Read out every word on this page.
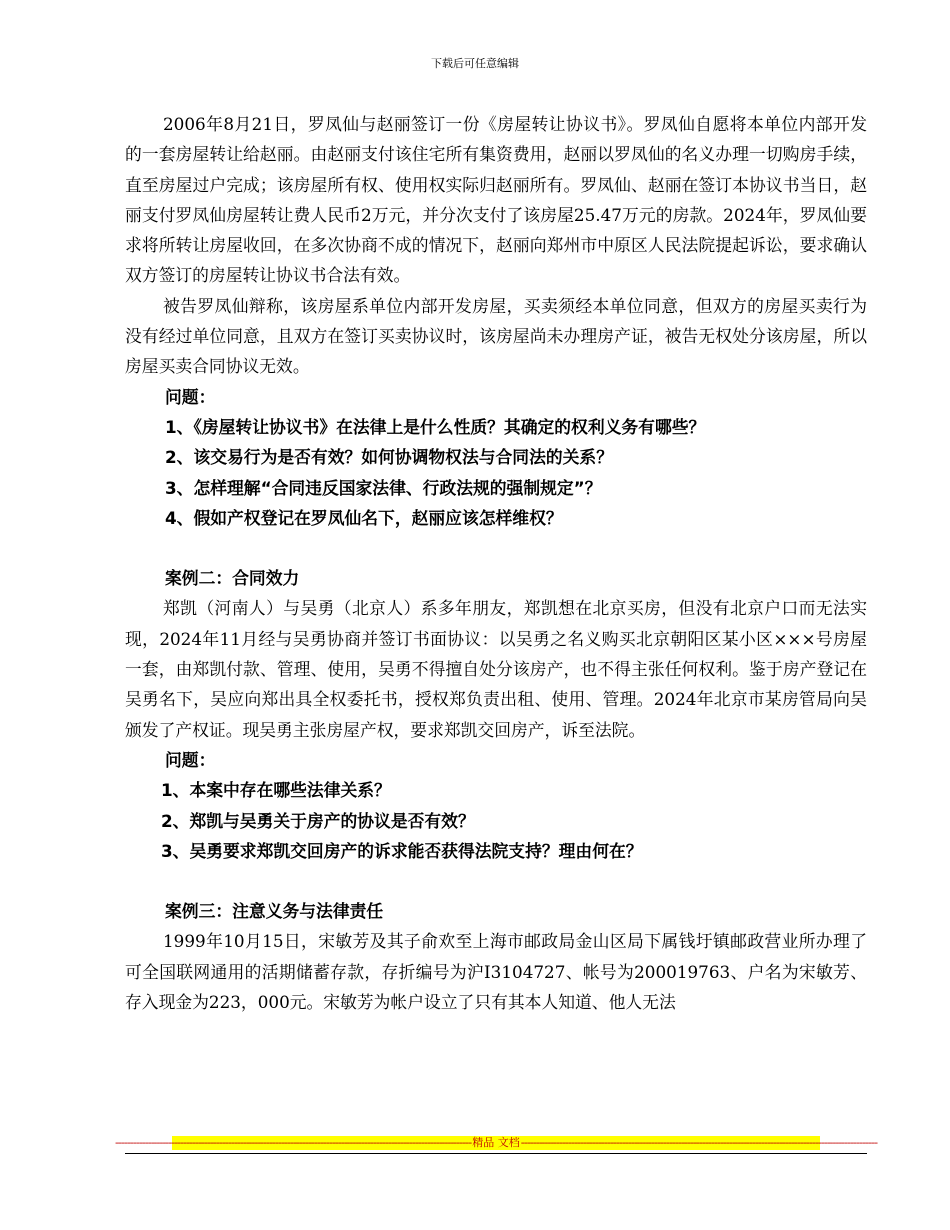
下载后可任意编辑

2006年8月21日，罗凤仙与赵丽签订一份《房屋转让协议书》。罗凤仙自愿将本单位内部开发的一套房屋转让给赵丽。由赵丽支付该住宅所有集资费用，赵丽以罗凤仙的名义办理一切购房手续，直至房屋过户完成；该房屋所有权、使用权实际归赵丽所有。罗凤仙、赵丽在签订本协议书当日，赵丽支付罗凤仙房屋转让费人民币2万元，并分次支付了该房屋25.47万元的房款。2024年，罗凤仙要求将所转让房屋收回，在多次协商不成的情况下，赵丽向郑州市中原区人民法院提起诉讼，要求确认双方签订的房屋转让协议书合法有效。

被告罗凤仙辩称，该房屋系单位内部开发房屋，买卖须经本单位同意，但双方的房屋买卖行为没有经过单位同意，且双方在签订买卖协议时，该房屋尚未办理房产证，被告无权处分该房屋，所以房屋买卖合同协议无效。

问题：

1、《房屋转让协议书》在法律上是什么性质？其确定的权利义务有哪些？

2、该交易行为是否有效？如何协调物权法与合同法的关系？

3、怎样理解“合同违反国家法律、行政法规的强制规定”？

4、假如产权登记在罗凤仙名下，赵丽应该怎样维权？

案例二：合同效力

郑凯（河南人）与吴勇（北京人）系多年朋友，郑凯想在北京买房，但没有北京户口而无法实现，2024年11月经与吴勇协商并签订书面协议：以吴勇之名义购买北京朝阳区某小区×××号房屋一套，由郑凯付款、管理、使用，吴勇不得擅自处分该房产，也不得主张任何权利。鉴于房产登记在吴勇名下，吴应向郑出具全权委托书，授权郑负责出租、使用、管理。2024年北京市某房管局向吴颁发了产权证。现吴勇主张房屋产权，要求郑凯交回房产，诉至法院。

问题：

1、本案中存在哪些法律关系？

2、郑凯与吴勇关于房产的协议是否有效？

3、吴勇要求郑凯交回房产的诉求能否获得法院支持？理由何在？

案例三：注意义务与法律责任

1999年10月15日，宋敏芳及其子俞欢至上海市邮政局金山区局下属钱圩镇邮政营业所办理了可全国联网通用的活期储蓄存款，存折编号为沪I3104727、帐号为200019763、户名为宋敏芳、存入现金为223，000元。宋敏芳为帐户设立了只有其本人知道、他人无法

------------------------------------------------------------------------------------------------------------------------ 精品 文档 ------------------------------------------------------------------------------------------------------------------------
